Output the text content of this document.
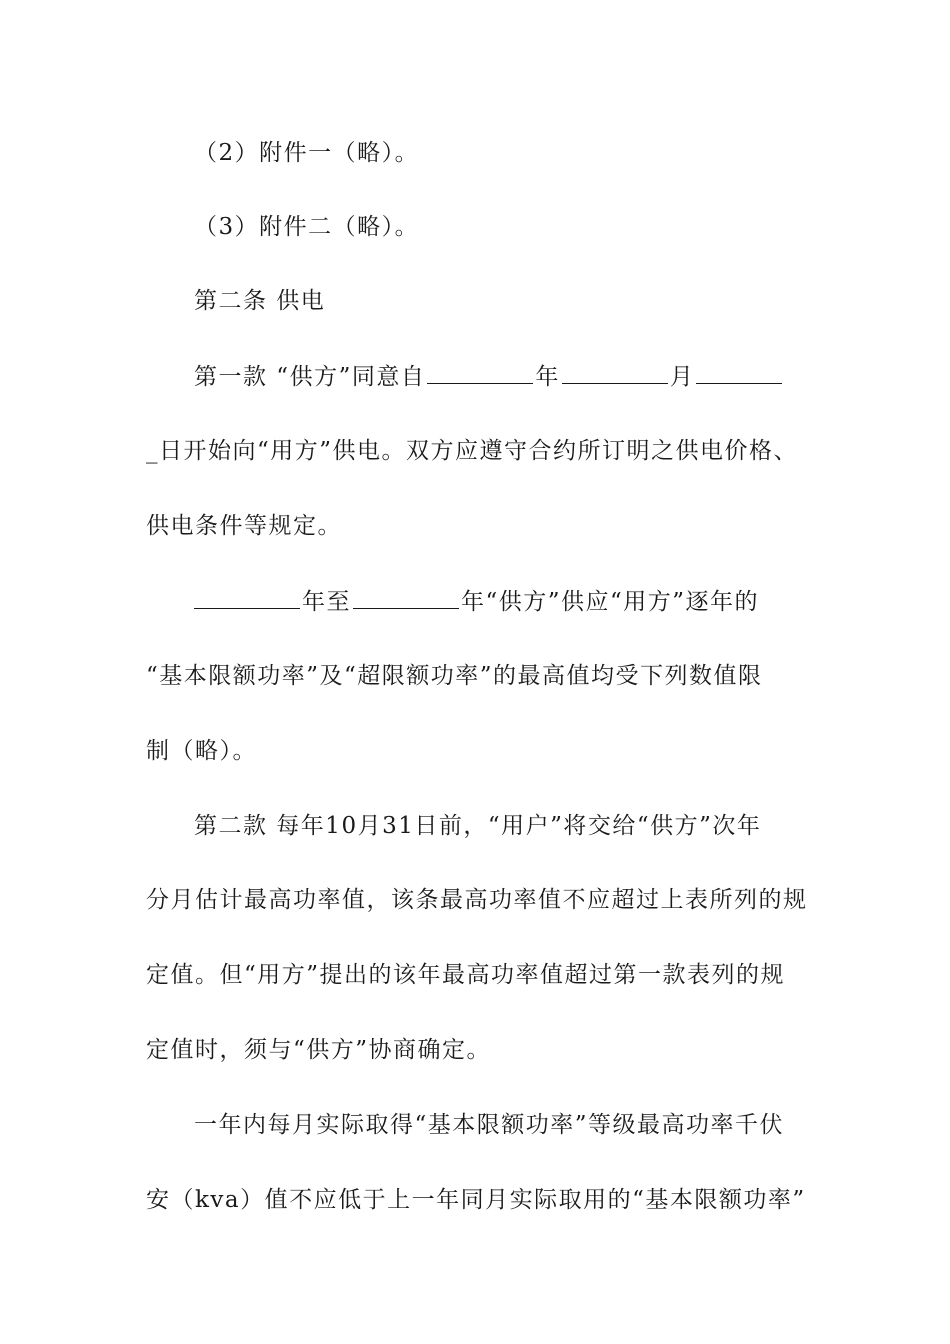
（2）附件一（略）。
（3）附件二（略）。
第二条 供电
第一款 “供方”同意自	年	月
_日开始向“用方”供电。双方应遵守合约所订明之供电价格、
供电条件等规定。
年至	年“供方”供应“用方”逐年的
“基本限额功率”及“超限额功率”的最高值均受下列数值限
制（略）。
第二款 每年10月31日前，“用户”将交给“供方”次年
分月估计最高功率值，该条最高功率值不应超过上表所列的规
定值。但“用方”提出的该年最高功率值超过第一款表列的规
定值时，须与“供方”协商确定。
一年内每月实际取得“基本限额功率”等级最高功率千伏
安（kva）值不应低于上一年同月实际取用的“基本限额功率”
